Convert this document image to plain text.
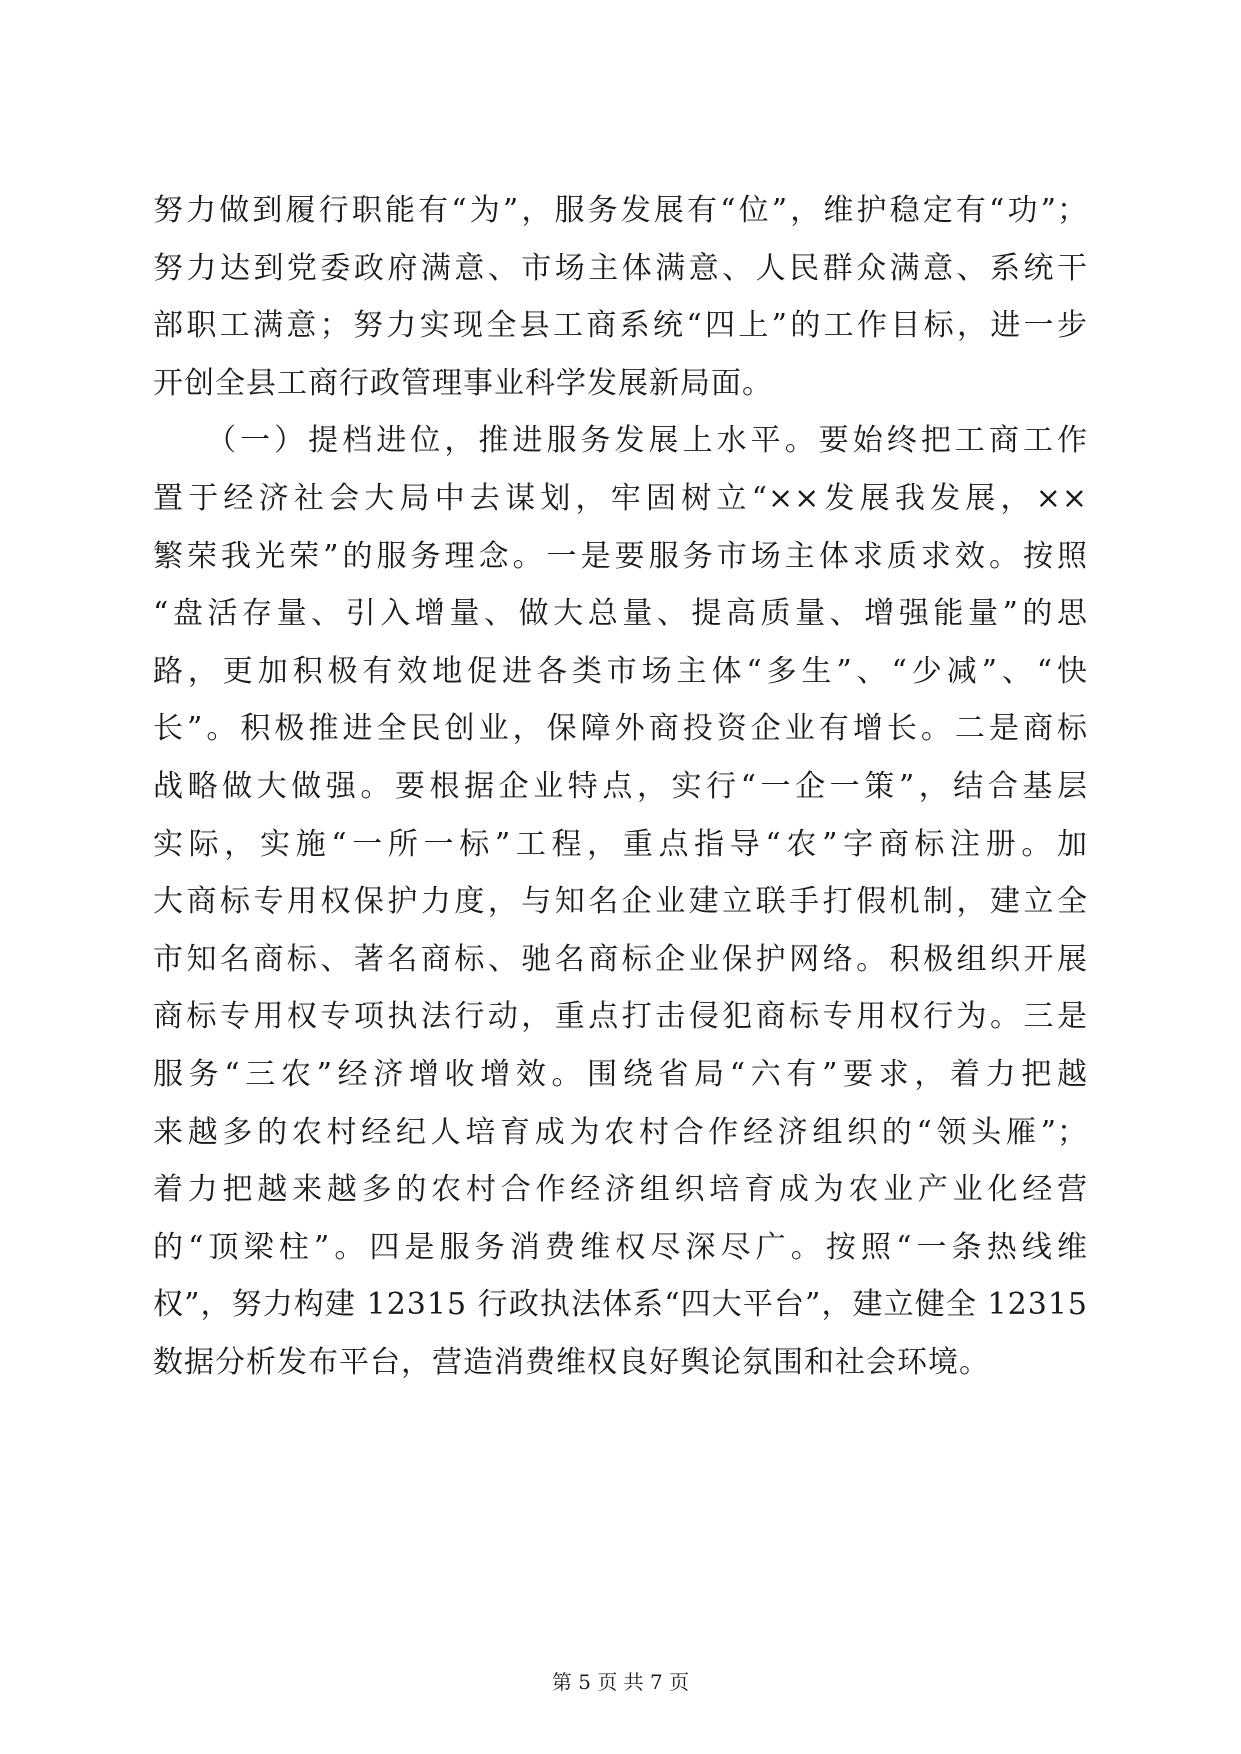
努力做到履行职能有“为”，服务发展有“位”，维护稳定有“功”；
努力达到党委政府满意、市场主体满意、人民群众满意、系统干
部职工满意；努力实现全县工商系统“四上”的工作目标，进一步
开创全县工商行政管理事业科学发展新局面。
　　（一）提档进位，推进服务发展上水平。要始终把工商工作
置于经济社会大局中去谋划，牢固树立“××发展我发展，××
繁荣我光荣”的服务理念。一是要服务市场主体求质求效。按照
“盘活存量、引入增量、做大总量、提高质量、增强能量”的思
路，更加积极有效地促进各类市场主体“多生”、“少减”、“快
长”。积极推进全民创业，保障外商投资企业有增长。二是商标
战略做大做强。要根据企业特点，实行“一企一策”，结合基层
实际，实施“一所一标”工程，重点指导“农”字商标注册。加
大商标专用权保护力度，与知名企业建立联手打假机制，建立全
市知名商标、著名商标、驰名商标企业保护网络。积极组织开展
商标专用权专项执法行动，重点打击侵犯商标专用权行为。三是
服务“三农”经济增收增效。围绕省局“六有”要求，着力把越
来越多的农村经纪人培育成为农村合作经济组织的“领头雁”；
着力把越来越多的农村合作经济组织培育成为农业产业化经营
的“顶梁柱”。四是服务消费维权尽深尽广。按照“一条热线维
权”，努力构建 12315 行政执法体系“四大平台”，建立健全 12315
数据分析发布平台，营造消费维权良好舆论氛围和社会环境。
第 5 页 共 7 页
